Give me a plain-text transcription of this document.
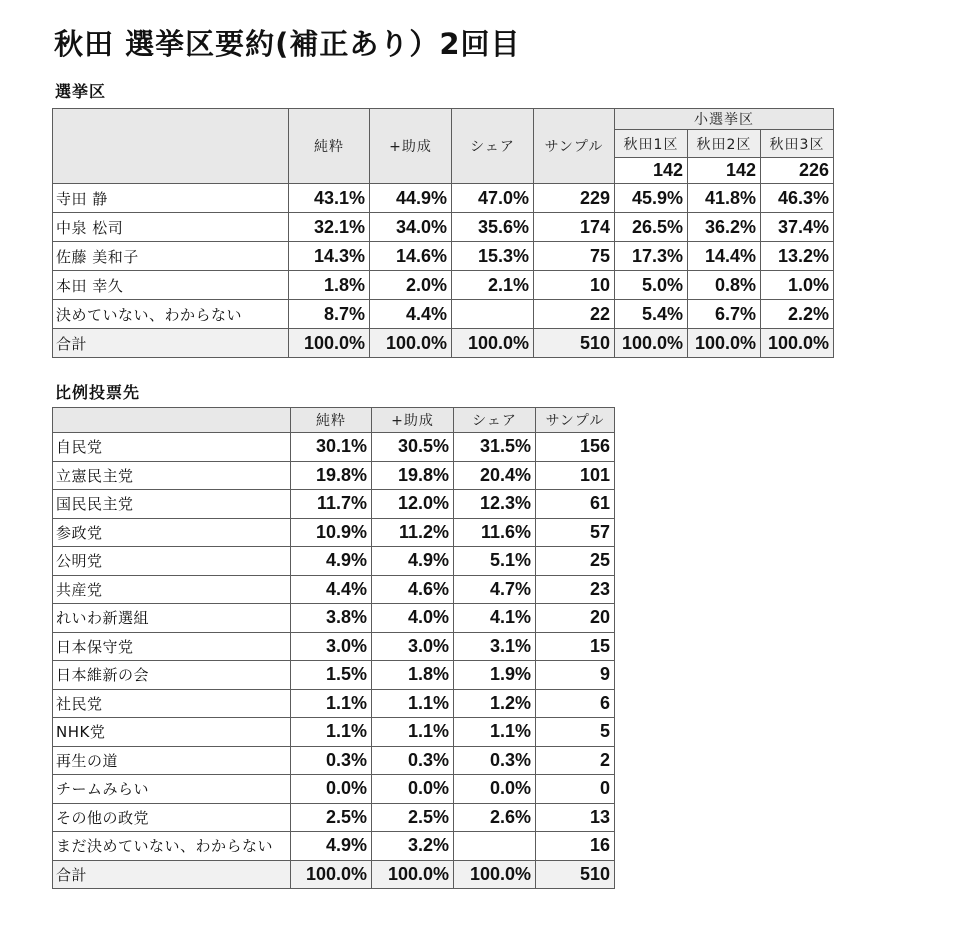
秋田 選挙区要約(補正あり）2回目
選挙区
	純粋	+助成	シェア	サンプル	小選挙区		
					秋田1区	秋田2区	秋田3区
					142	142	226
寺田 静	43.1%	44.9%	47.0%	229	45.9%	41.8%	46.3%
中泉 松司	32.1%	34.0%	35.6%	174	26.5%	36.2%	37.4%
佐藤 美和子	14.3%	14.6%	15.3%	75	17.3%	14.4%	13.2%
本田 幸久	1.8%	2.0%	2.1%	10	5.0%	0.8%	1.0%
決めていない、わからない	8.7%	4.4%		22	5.4%	6.7%	2.2%
合計	100.0%	100.0%	100.0%	510	100.0%	100.0%	100.0%
比例投票先
	純粋	+助成	シェア	サンプル
自民党	30.1%	30.5%	31.5%	156
立憲民主党	19.8%	19.8%	20.4%	101
国民民主党	11.7%	12.0%	12.3%	61
参政党	10.9%	11.2%	11.6%	57
公明党	4.9%	4.9%	5.1%	25
共産党	4.4%	4.6%	4.7%	23
れいわ新選組	3.8%	4.0%	4.1%	20
日本保守党	3.0%	3.0%	3.1%	15
日本維新の会	1.5%	1.8%	1.9%	9
社民党	1.1%	1.1%	1.2%	6
NHK党	1.1%	1.1%	1.1%	5
再生の道	0.3%	0.3%	0.3%	2
チームみらい	0.0%	0.0%	0.0%	0
その他の政党	2.5%	2.5%	2.6%	13
まだ決めていない、わからない	4.9%	3.2%		16
合計	100.0%	100.0%	100.0%	510
